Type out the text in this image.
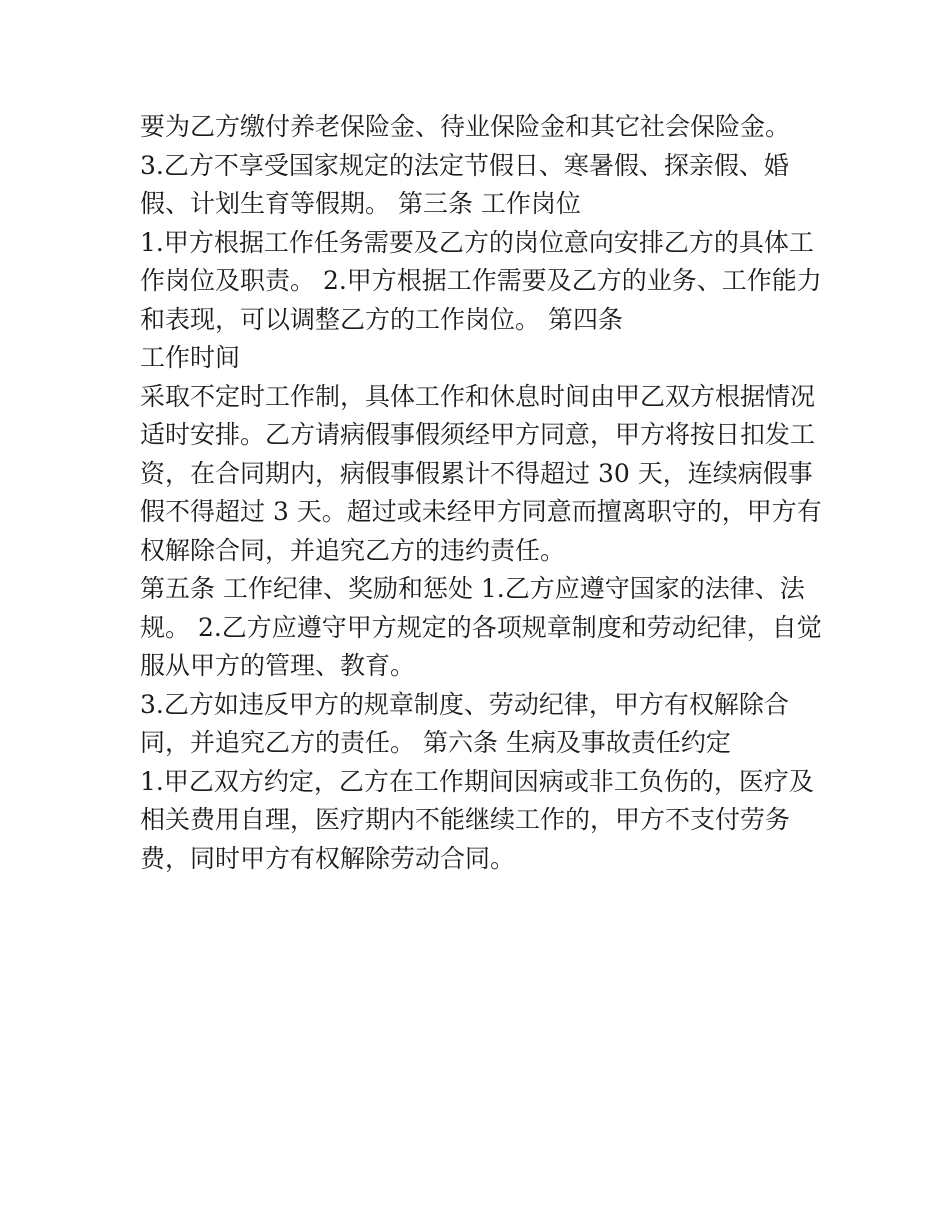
要为乙方缴付养老保险金、待业保险金和其它社会保险金。
3.乙方不享受国家规定的法定节假日、寒暑假、探亲假、婚
假、计划生育等假期。 第三条 工作岗位
1.甲方根据工作任务需要及乙方的岗位意向安排乙方的具体工
作岗位及职责。 2.甲方根据工作需要及乙方的业务、工作能力
和表现，可以调整乙方的工作岗位。 第四条
工作时间
采取不定时工作制，具体工作和休息时间由甲乙双方根据情况
适时安排。乙方请病假事假须经甲方同意，甲方将按日扣发工
资，在合同期内，病假事假累计不得超过 30 天，连续病假事
假不得超过 3 天。超过或未经甲方同意而擅离职守的，甲方有
权解除合同，并追究乙方的违约责任。
第五条 工作纪律、奖励和惩处 1.乙方应遵守国家的法律、法
规。 2.乙方应遵守甲方规定的各项规章制度和劳动纪律，自觉
服从甲方的管理、教育。
3.乙方如违反甲方的规章制度、劳动纪律，甲方有权解除合
同，并追究乙方的责任。 第六条 生病及事故责任约定
1.甲乙双方约定，乙方在工作期间因病或非工负伤的，医疗及
相关费用自理，医疗期内不能继续工作的，甲方不支付劳务
费，同时甲方有权解除劳动合同。
